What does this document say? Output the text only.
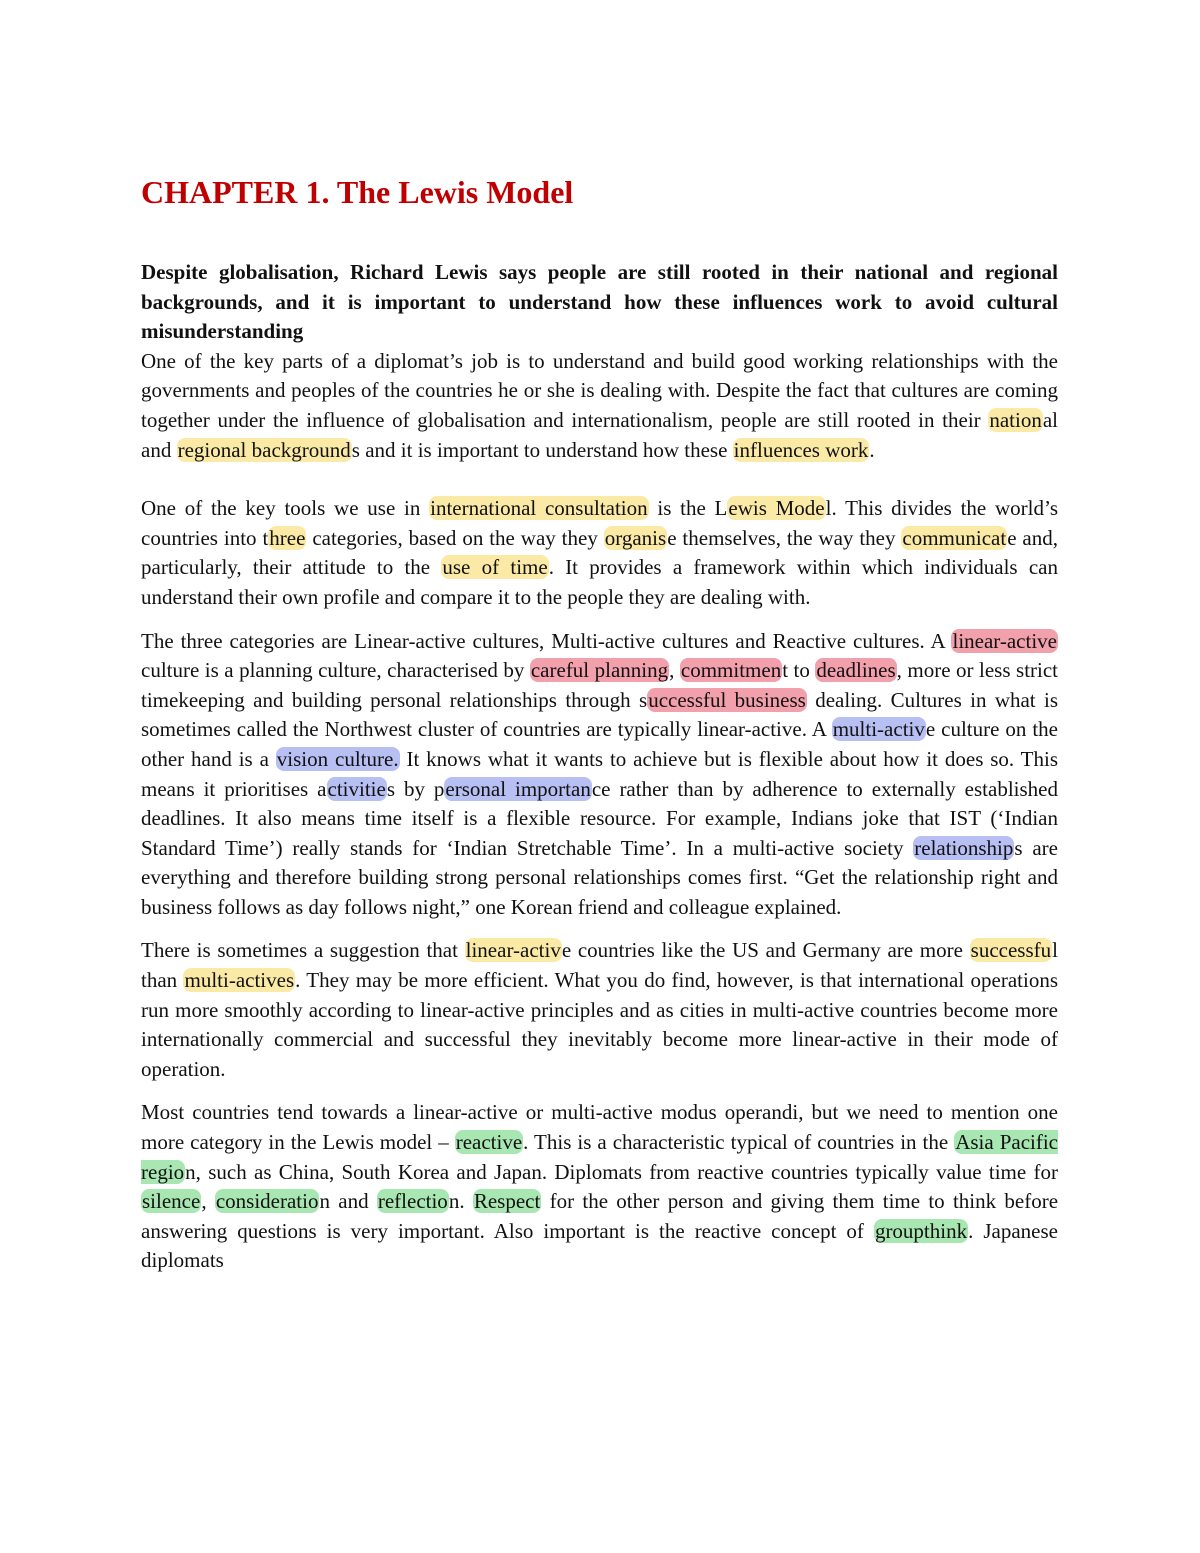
CHAPTER 1. The Lewis Model

Despite globalisation, Richard Lewis says people are still rooted in their national and regional backgrounds, and it is important to understand how these influences work to avoid cultural misunderstanding

One of the key parts of a diplomat’s job is to understand and build good working relationships with the governments and peoples of the countries he or she is dealing with. Despite the fact that cultures are coming together under the influence of globalisation and internationalism, people are still rooted in their national and regional backgrounds and it is important to understand how these influences work.

One of the key tools we use in international consultation is the Lewis Model. This divides the world’s countries into three categories, based on the way they organise themselves, the way they communicate and, particularly, their attitude to the use of time. It provides a framework within which individuals can understand their own profile and compare it to the people they are dealing with.

The three categories are Linear-active cultures, Multi-active cultures and Reactive cultures. A linear-active culture is a planning culture, characterised by careful planning, commitment to deadlines, more or less strict timekeeping and building personal relationships through successful business dealing. Cultures in what is sometimes called the Northwest cluster of countries are typically linear-active. A multi-active culture on the other hand is a vision culture. It knows what it wants to achieve but is flexible about how it does so. This means it prioritises activities by personal importance rather than by adherence to externally established deadlines. It also means time itself is a flexible resource. For example, Indians joke that IST (‘Indian Standard Time’) really stands for ‘Indian Stretchable Time’. In a multi-active society relationships are everything and therefore building strong personal relationships comes first. “Get the relationship right and business follows as day follows night,” one Korean friend and colleague explained.

There is sometimes a suggestion that linear-active countries like the US and Germany are more successful than multi-actives. They may be more efficient. What you do find, however, is that international operations run more smoothly according to linear-active principles and as cities in multi-active countries become more internationally commercial and successful they inevitably become more linear-active in their mode of operation.

Most countries tend towards a linear-active or multi-active modus operandi, but we need to mention one more category in the Lewis model – reactive. This is a characteristic typical of countries in the Asia Pacific region, such as China, South Korea and Japan. Diplomats from reactive countries typically value time for silence, consideration and reflection. Respect for the other person and giving them time to think before answering questions is very important. Also important is the reactive concept of groupthink. Japanese diplomats
